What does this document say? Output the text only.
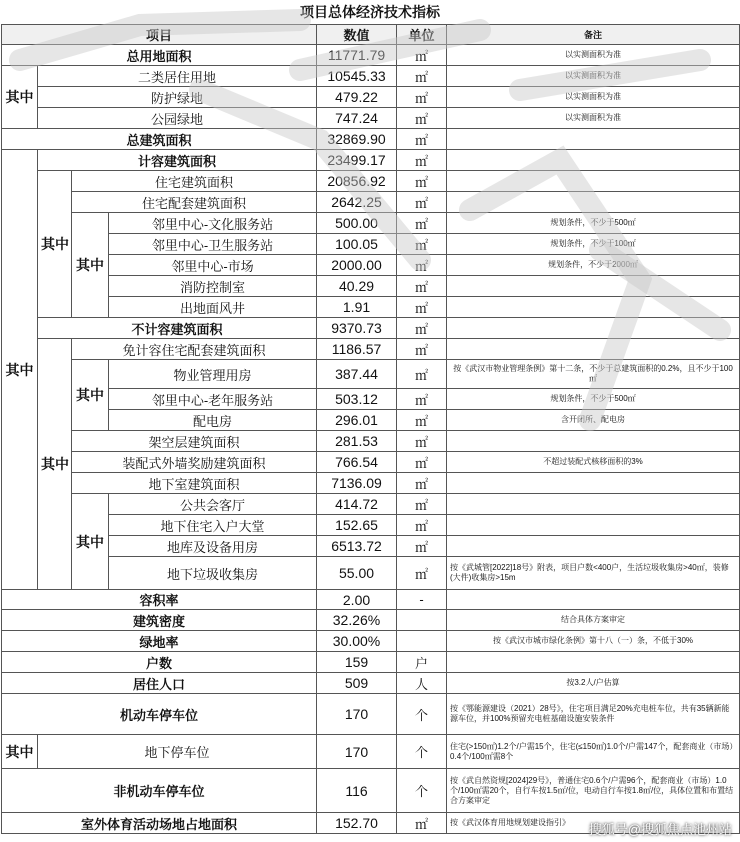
项目总体经济技术指标
项目				数值	单位	备注
总用地面积				11771.79	㎡	以实测面积为准
其中	二类居住用地			10545.33	㎡	以实测面积为准
	防护绿地			479.22	㎡	以实测面积为准
	公园绿地			747.24	㎡	以实测面积为准
总建筑面积				32869.90	㎡	
其中	计容建筑面积			23499.17	㎡	
	其中	住宅建筑面积		20856.92	㎡	
		住宅配套建筑面积		2642.25	㎡	
		其中	邻里中心-文化服务站	500.00	㎡	规划条件，不少于500㎡
			邻里中心-卫生服务站	100.05	㎡	规划条件，不少于100㎡
			邻里中心-市场	2000.00	㎡	规划条件，不少于2000㎡
			消防控制室	40.29	㎡	
			出地面风井	1.91	㎡	
	不计容建筑面积			9370.73	㎡	
	其中	免计容住宅配套建筑面积		1186.57	㎡	
		其中	物业管理用房	387.44	㎡	按《武汉市物业管理条例》第十二条，不少于总建筑面积的0.2%，且不少于100㎡
			邻里中心-老年服务站	503.12	㎡	规划条件，不少于500㎡
			配电房	296.01	㎡	含开闭所、配电房
		架空层建筑面积		281.53	㎡	
		装配式外墙奖励建筑面积		766.54	㎡	不超过装配式核移面积的3%
		地下室建筑面积		7136.09	㎡	
		其中	公共会客厅	414.72	㎡	
			地下住宅入户大堂	152.65	㎡	
			地库及设备用房	6513.72	㎡	
			地下垃圾收集房	55.00	㎡	按《武城管[2022]18号》附表，项目户数<400户，生活垃圾收集房>40㎡，装修(大件)收集房>15m
容积率				2.00	-	
建筑密度				32.26%		结合具体方案审定
绿地率				30.00%		按《武汉市城市绿化条例》第十八（一）条，不低于30%
户数				159	户	
居住人口				509	人	按3.2人/户估算
机动车停车位				170	个	按《鄂能源建设（2021）28号》，住宅项目满足20%充电桩车位，共有35辆新能源车位，并100%预留充电桩基础设施安装条件
其中	地下停车位			170	个	住宅(>150㎡)1.2个/户需15个，住宅(≤150㎡)1.0个/户需147个，配套商业（市场）0.4个/100㎡需8个
非机动车停车位				116	个	按《武自然资规[2024]29号》，普通住宅0.6个/户需96个，配套商业（市场）1.0个/100㎡需20个，自行车按1.5㎡/位，电动自行车按1.8㎡/位，具体位置和布置结合方案审定
室外体育活动场地占地面积				152.70	㎡	按《武汉体育用地规划建设指引》 搜狐号@搜狐焦点池州站
